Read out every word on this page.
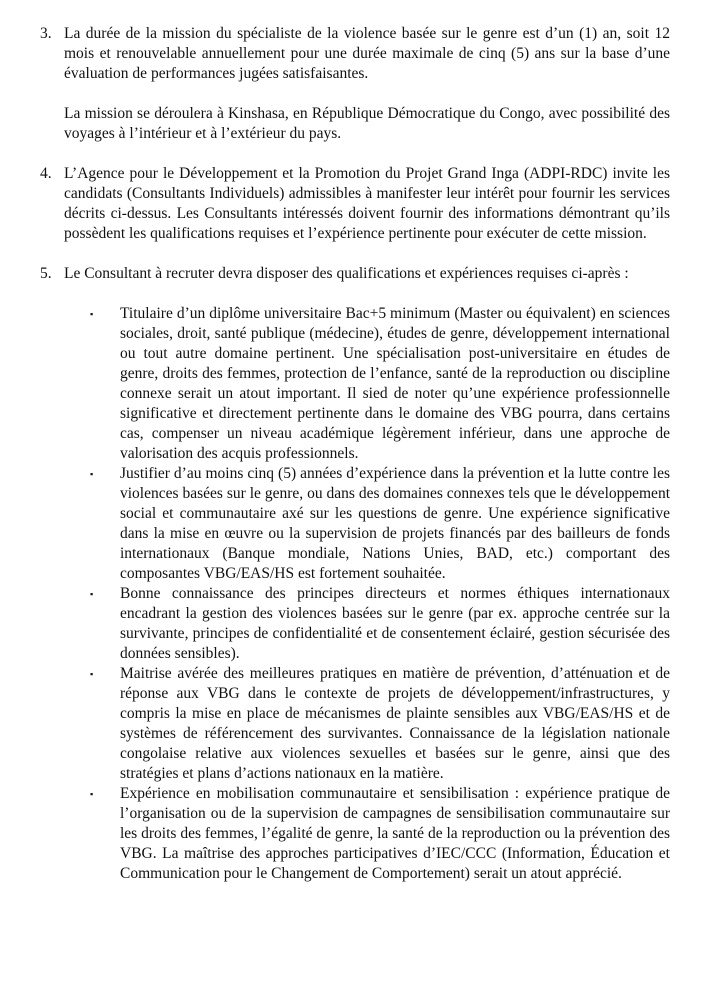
3. La durée de la mission du spécialiste de la violence basée sur le genre est d’un (1) an, soit 12 mois et renouvelable annuellement pour une durée maximale de cinq (5) ans sur la base d’une évaluation de performances jugées satisfaisantes.

La mission se déroulera à Kinshasa, en République Démocratique du Congo, avec possibilité des voyages à l’intérieur et à l’extérieur du pays.

4. L’Agence pour le Développement et la Promotion du Projet Grand Inga (ADPI-RDC) invite les candidats (Consultants Individuels) admissibles à manifester leur intérêt pour fournir les services décrits ci-dessus. Les Consultants intéressés doivent fournir des informations démontrant qu’ils possèdent les qualifications requises et l’expérience pertinente pour exécuter de cette mission.

5. Le Consultant à recruter devra disposer des qualifications et expériences requises ci-après :

▪	Titulaire d’un diplôme universitaire Bac+5 minimum (Master ou équivalent) en sciences sociales, droit, santé publique (médecine), études de genre, développement international ou tout autre domaine pertinent. Une spécialisation post-universitaire en études de genre, droits des femmes, protection de l’enfance, santé de la reproduction ou discipline connexe serait un atout important. Il sied de noter qu’une expérience professionnelle significative et directement pertinente dans le domaine des VBG pourra, dans certains cas, compenser un niveau académique légèrement inférieur, dans une approche de valorisation des acquis professionnels.

▪	Justifier d’au moins cinq (5) années d’expérience dans la prévention et la lutte contre les violences basées sur le genre, ou dans des domaines connexes tels que le développement social et communautaire axé sur les questions de genre. Une expérience significative dans la mise en œuvre ou la supervision de projets financés par des bailleurs de fonds internationaux (Banque mondiale, Nations Unies, BAD, etc.) comportant des composantes VBG/EAS/HS est fortement souhaitée.

▪	Bonne connaissance des principes directeurs et normes éthiques internationaux encadrant la gestion des violences basées sur le genre (par ex. approche centrée sur la survivante, principes de confidentialité et de consentement éclairé, gestion sécurisée des données sensibles).

▪	Maitrise avérée des meilleures pratiques en matière de prévention, d’atténuation et de réponse aux VBG dans le contexte de projets de développement/infrastructures, y compris la mise en place de mécanismes de plainte sensibles aux VBG/EAS/HS et de systèmes de référencement des survivantes. Connaissance de la législation nationale congolaise relative aux violences sexuelles et basées sur le genre, ainsi que des stratégies et plans d’actions nationaux en la matière.

▪	Expérience en mobilisation communautaire et sensibilisation : expérience pratique de l’organisation ou de la supervision de campagnes de sensibilisation communautaire sur les droits des femmes, l’égalité de genre, la santé de la reproduction ou la prévention des VBG. La maîtrise des approches participatives d’IEC/CCC (Information, Éducation et Communication pour le Changement de Comportement) serait un atout apprécié.
